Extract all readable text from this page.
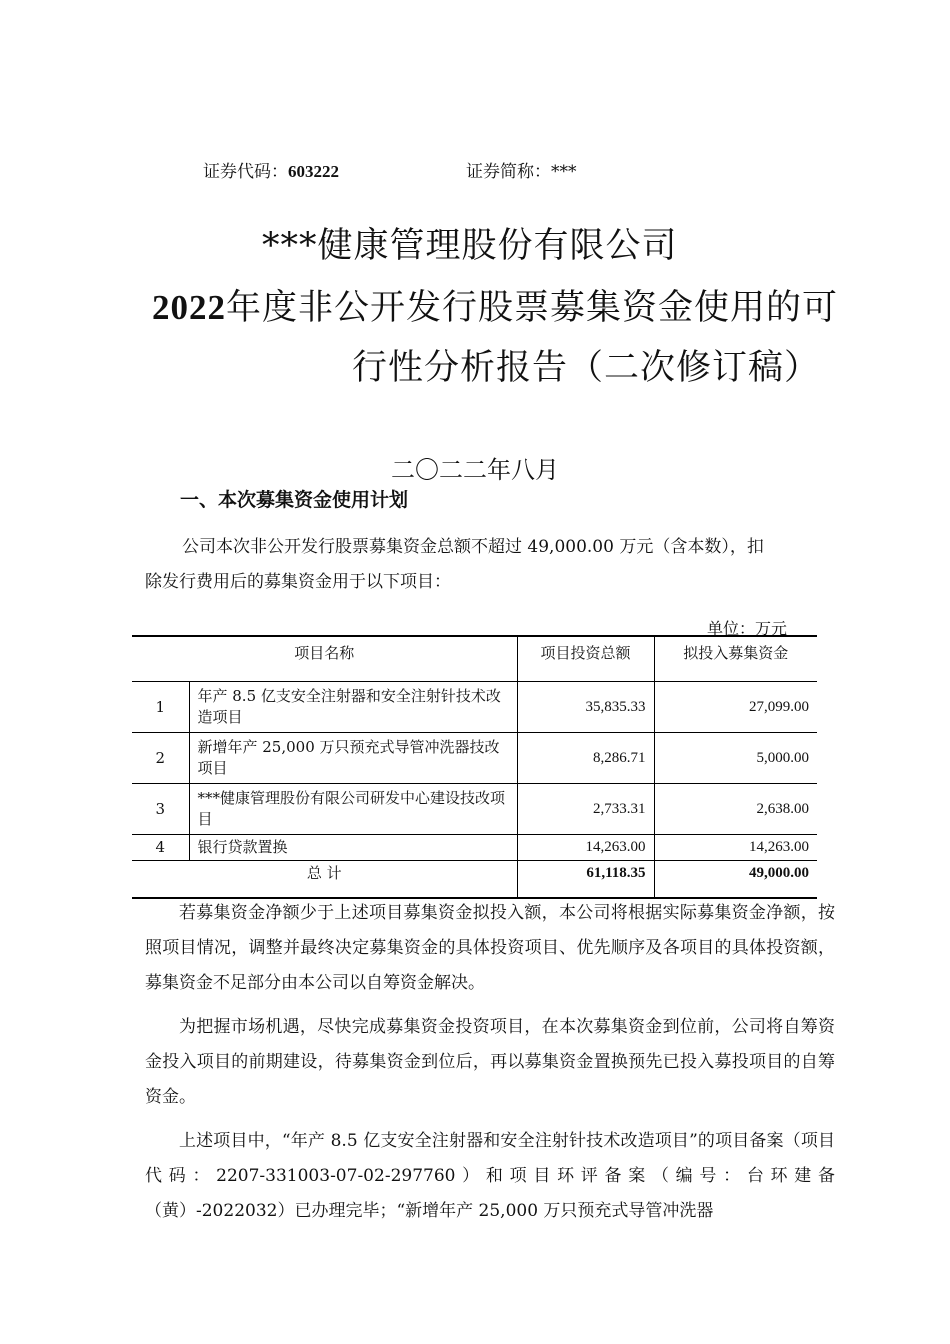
证券代码：603222	证券简称：***
***健康管理股份有限公司
2022年度非公开发行股票募集资金使用的可
行性分析报告（二次修订稿）
二〇二二年八月
一、本次募集资金使用计划
公司本次非公开发行股票募集资金总额不超过 49,000.00 万元（含本数），扣
除发行费用后的募集资金用于以下项目：
单位：万元
项目名称		项目投资总额	拟投入募集资金
1	年产 8.5 亿支安全注射器和安全注射针技术改造项目	35,835.33	27,099.00
2	新增年产 25,000 万只预充式导管冲洗器技改项目	8,286.71	5,000.00
3	***健康管理股份有限公司研发中心建设技改项目	2,733.31	2,638.00
4	银行贷款置换	14,263.00	14,263.00
总 计		61,118.35	49,000.00

若募集资金净额少于上述项目募集资金拟投入额，本公司将根据实际募集资金净额，按照项目情况，调整并最终决定募集资金的具体投资项目、优先顺序及各项目的具体投资额，募集资金不足部分由本公司以自筹资金解决。

为把握市场机遇，尽快完成募集资金投资项目，在本次募集资金到位前，公司将自筹资金投入项目的前期建设，待募集资金到位后，再以募集资金置换预先已投入募投项目的自筹资金。

上述项目中，“年产 8.5 亿支安全注射器和安全注射针技术改造项目”的项目备案（项目代码：2207-331003-07-02-297760）和项目环评备案（编号：台环建备（黄）-2022032）已办理完毕；“新增年产 25,000 万只预充式导管冲洗器
